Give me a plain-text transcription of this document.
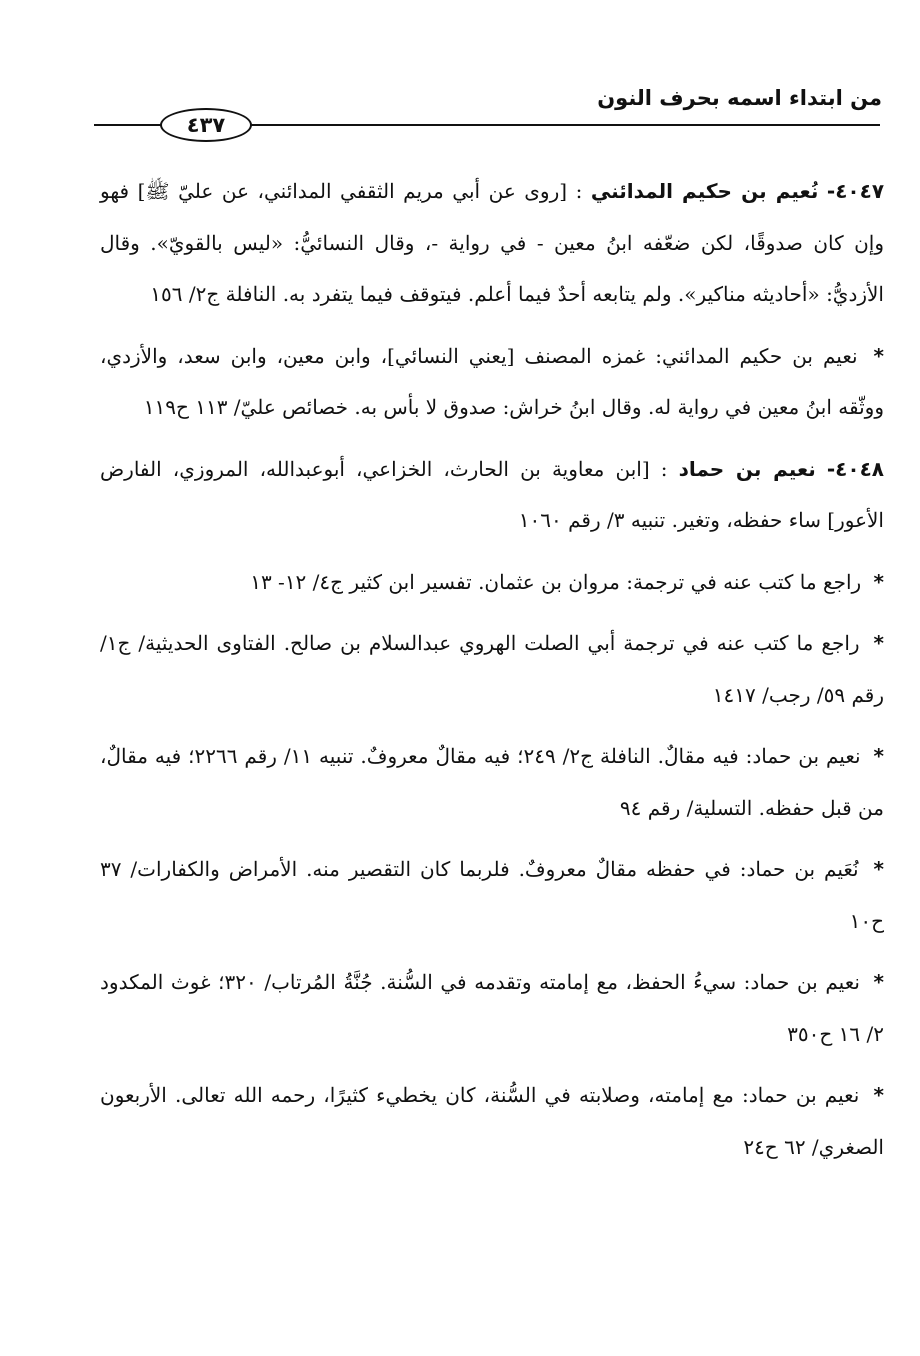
من ابتداء اسمه بحرف النون
٤٣٧

٤٠٤٧- نُعيم بن حكيم المدائني : [روى عن أبي مريم الثقفي المدائني، عن عليّ ﷺ] فهو وإن كان صدوقًا، لكن ضعّفه ابنُ معين - في رواية -، وقال النسائيُّ: «ليس بالقويّ». وقال الأزديُّ: «أحاديثه مناكير». ولم يتابعه أحدٌ فيما أعلم. فيتوقف فيما يتفرد به. النافلة ج٢/ ١٥٦

* نعيم بن حكيم المدائني: غمزه المصنف [يعني النسائي]، وابن معين، وابن سعد، والأزدي، ووثّقه ابنُ معين في رواية له. وقال ابنُ خراش: صدوق لا بأس به. خصائص عليّ/ ١١٣ ح١١٩

٤٠٤٨- نعيم بن حماد : [ابن معاوية بن الحارث، الخزاعي، أبوعبدالله، المروزي، الفارض الأعور] ساء حفظه، وتغير. تنبيه ٣/ رقم ١٠٦٠

* راجع ما كتب عنه في ترجمة: مروان بن عثمان. تفسير ابن كثير ج٤/ ١٢- ١٣

* راجع ما كتب عنه في ترجمة أبي الصلت الهروي عبدالسلام بن صالح. الفتاوى الحديثية/ ج١/ رقم ٥٩/ رجب/ ١٤١٧

* نعيم بن حماد: فيه مقالٌ. النافلة ج٢/ ٢٤٩؛ فيه مقالٌ معروفٌ. تنبيه ١١/ رقم ٢٢٦٦؛ فيه مقالٌ، من قبل حفظه. التسلية/ رقم ٩٤

* نُعَيم بن حماد: في حفظه مقالٌ معروفٌ. فلربما كان التقصير منه. الأمراض والكفارات/ ٣٧ ح١٠

* نعيم بن حماد: سيءُ الحفظ، مع إمامته وتقدمه في السُّنة. جُنَّةُ المُرتاب/ ٣٢٠؛ غوث المكدود ٢/ ١٦ ح٣٥٠

* نعيم بن حماد: مع إمامته، وصلابته في السُّنة، كان يخطيء كثيرًا، رحمه الله تعالى. الأربعون الصغري/ ٦٢ ح٢٤
